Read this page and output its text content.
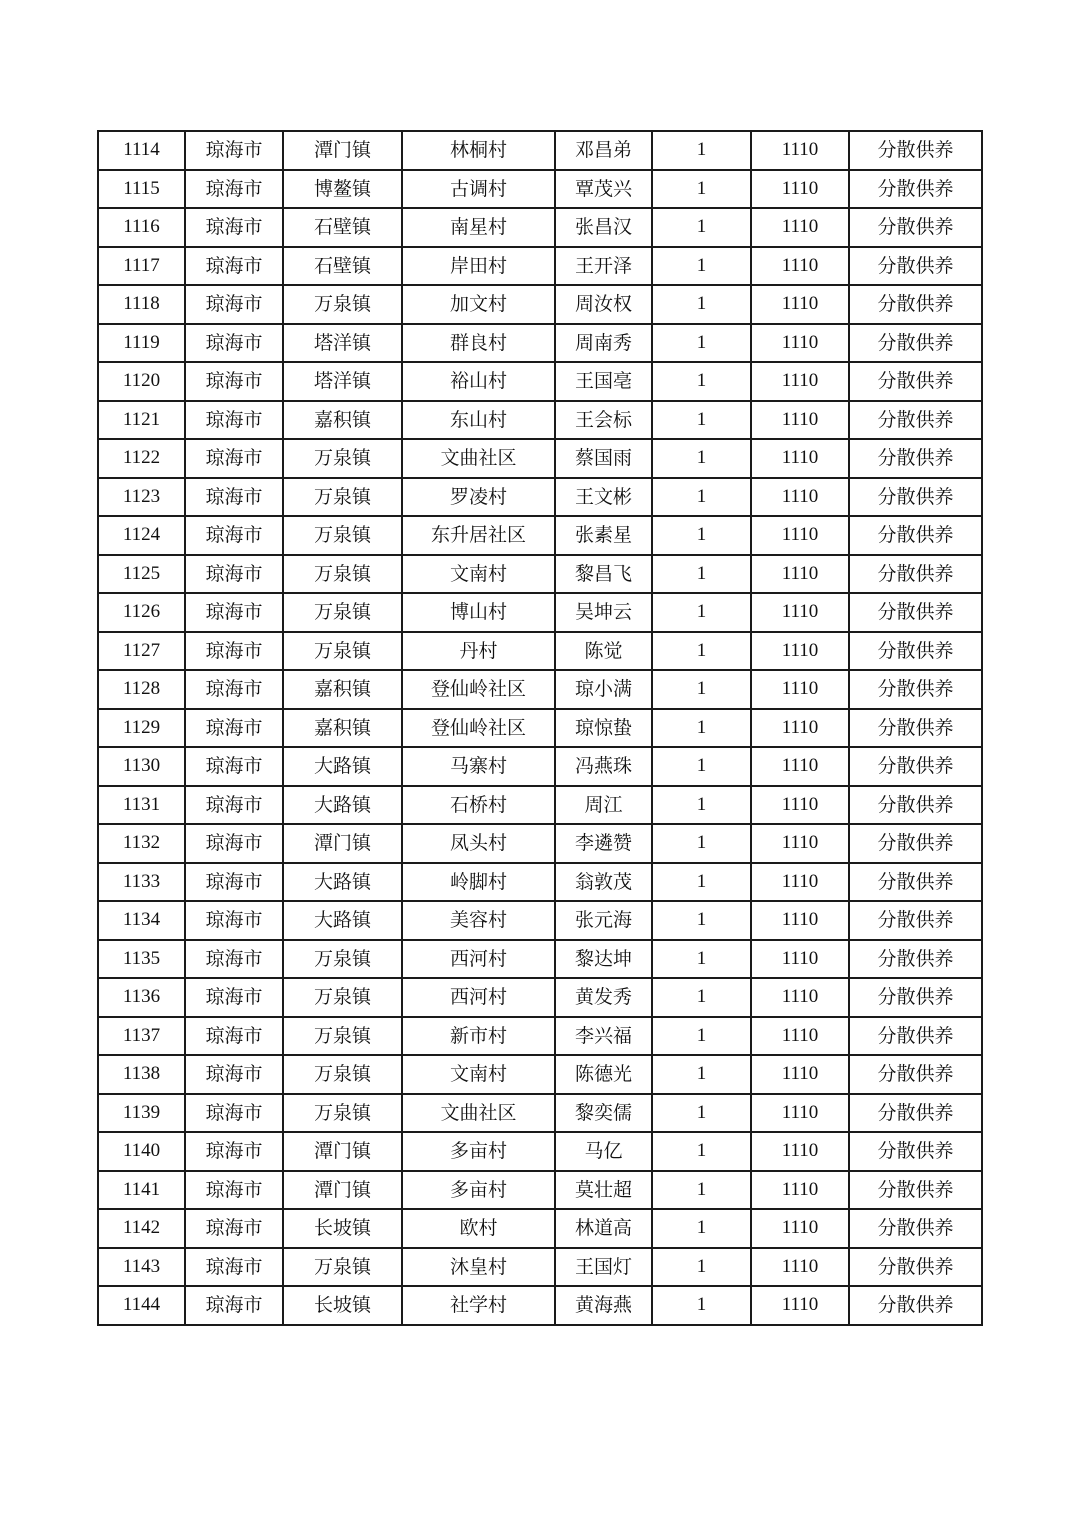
1114	琼海市	潭门镇	林桐村	邓昌弟	1	1110	分散供养
1115	琼海市	博鳌镇	古调村	覃茂兴	1	1110	分散供养
1116	琼海市	石壁镇	南星村	张昌汉	1	1110	分散供养
1117	琼海市	石壁镇	岸田村	王开泽	1	1110	分散供养
1118	琼海市	万泉镇	加文村	周汝权	1	1110	分散供养
1119	琼海市	塔洋镇	群良村	周南秀	1	1110	分散供养
1120	琼海市	塔洋镇	裕山村	王国亳	1	1110	分散供养
1121	琼海市	嘉积镇	东山村	王会标	1	1110	分散供养
1122	琼海市	万泉镇	文曲社区	蔡国雨	1	1110	分散供养
1123	琼海市	万泉镇	罗凌村	王文彬	1	1110	分散供养
1124	琼海市	万泉镇	东升居社区	张素星	1	1110	分散供养
1125	琼海市	万泉镇	文南村	黎昌飞	1	1110	分散供养
1126	琼海市	万泉镇	博山村	吴坤云	1	1110	分散供养
1127	琼海市	万泉镇	丹村	陈觉	1	1110	分散供养
1128	琼海市	嘉积镇	登仙岭社区	琼小满	1	1110	分散供养
1129	琼海市	嘉积镇	登仙岭社区	琼惊蛰	1	1110	分散供养
1130	琼海市	大路镇	马寨村	冯燕珠	1	1110	分散供养
1131	琼海市	大路镇	石桥村	周江	1	1110	分散供养
1132	琼海市	潭门镇	凤头村	李遴赞	1	1110	分散供养
1133	琼海市	大路镇	岭脚村	翁敦茂	1	1110	分散供养
1134	琼海市	大路镇	美容村	张元海	1	1110	分散供养
1135	琼海市	万泉镇	西河村	黎达坤	1	1110	分散供养
1136	琼海市	万泉镇	西河村	黄发秀	1	1110	分散供养
1137	琼海市	万泉镇	新市村	李兴福	1	1110	分散供养
1138	琼海市	万泉镇	文南村	陈德光	1	1110	分散供养
1139	琼海市	万泉镇	文曲社区	黎奕儒	1	1110	分散供养
1140	琼海市	潭门镇	多亩村	马亿	1	1110	分散供养
1141	琼海市	潭门镇	多亩村	莫壮超	1	1110	分散供养
1142	琼海市	长坡镇	欧村	林道高	1	1110	分散供养
1143	琼海市	万泉镇	沐皇村	王国灯	1	1110	分散供养
1144	琼海市	长坡镇	社学村	黄海燕	1	1110	分散供养
